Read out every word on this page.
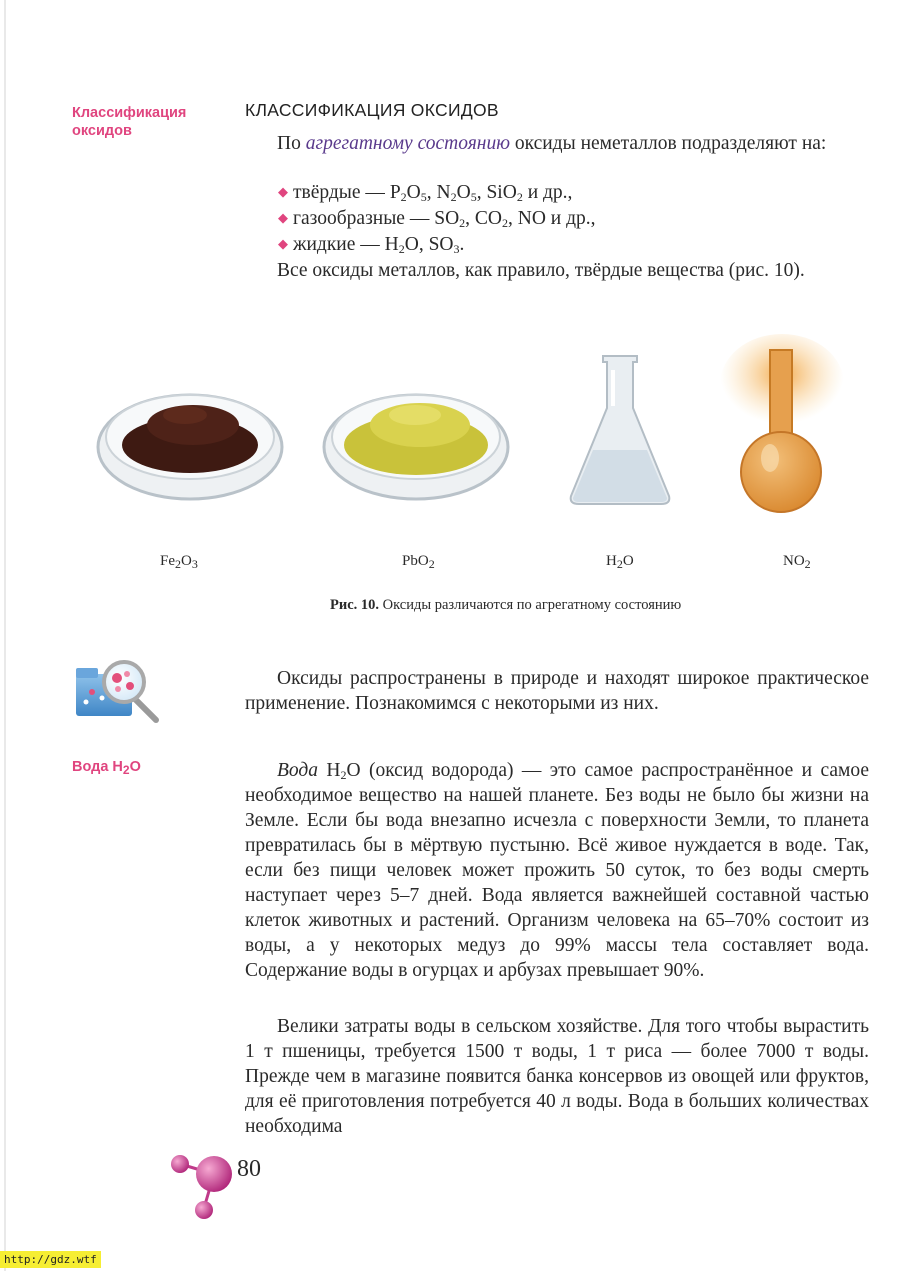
Классификация
оксидов
Вода $H_2O$
КЛАССИФИКАЦИЯ ОКСИДОВ
По агрегатному состоянию оксиды неметаллов подразделяют на:
◆ твёрдые — $P_2O_5$, $N_2O_5$, SiO$_2$ и др.,
◆ газообразные — $SO_2$, $CO_2$, NO и др.,
◆ жидкие — $H_2O$, $SO_3$.
Все оксиды металлов, как правило, твёрдые вещества (рис. 10).
$Fe_2O_3$	PbO$_2$	$H_2O$	$NO_2$
Рис. 10. Оксиды различаются по агрегатному состоянию
Оксиды распространены в природе и находят широкое практическое применение. Познакомимся с некоторыми из них.
Вода $H_2O$ (оксид водорода) — это самое распространённое и самое необходимое вещество на нашей планете. Без воды не было бы жизни на Земле. Если бы вода внезапно исчезла с поверхности Земли, то планета превратилась бы в мёртвую пустыню. Всё живое нуждается в воде. Так, если без пищи человек может прожить 50 суток, то без воды смерть наступает через 5–7 дней. Вода является важнейшей составной частью клеток животных и растений. Организм человека на 65–70% состоит из воды, а у некоторых медуз до 99% массы тела составляет вода. Содержание воды в огурцах и арбузах превышает 90%.
Велики затраты воды в сельском хозяйстве. Для того чтобы вырастить 1 т пшеницы, требуется 1500 т воды, 1 т риса — более 7000 т воды. Прежде чем в магазине появится банка консервов из овощей или фруктов, для её приготовления потребуется 40 л воды. Вода в больших количествах необходима
80
http://gdz.wtf
